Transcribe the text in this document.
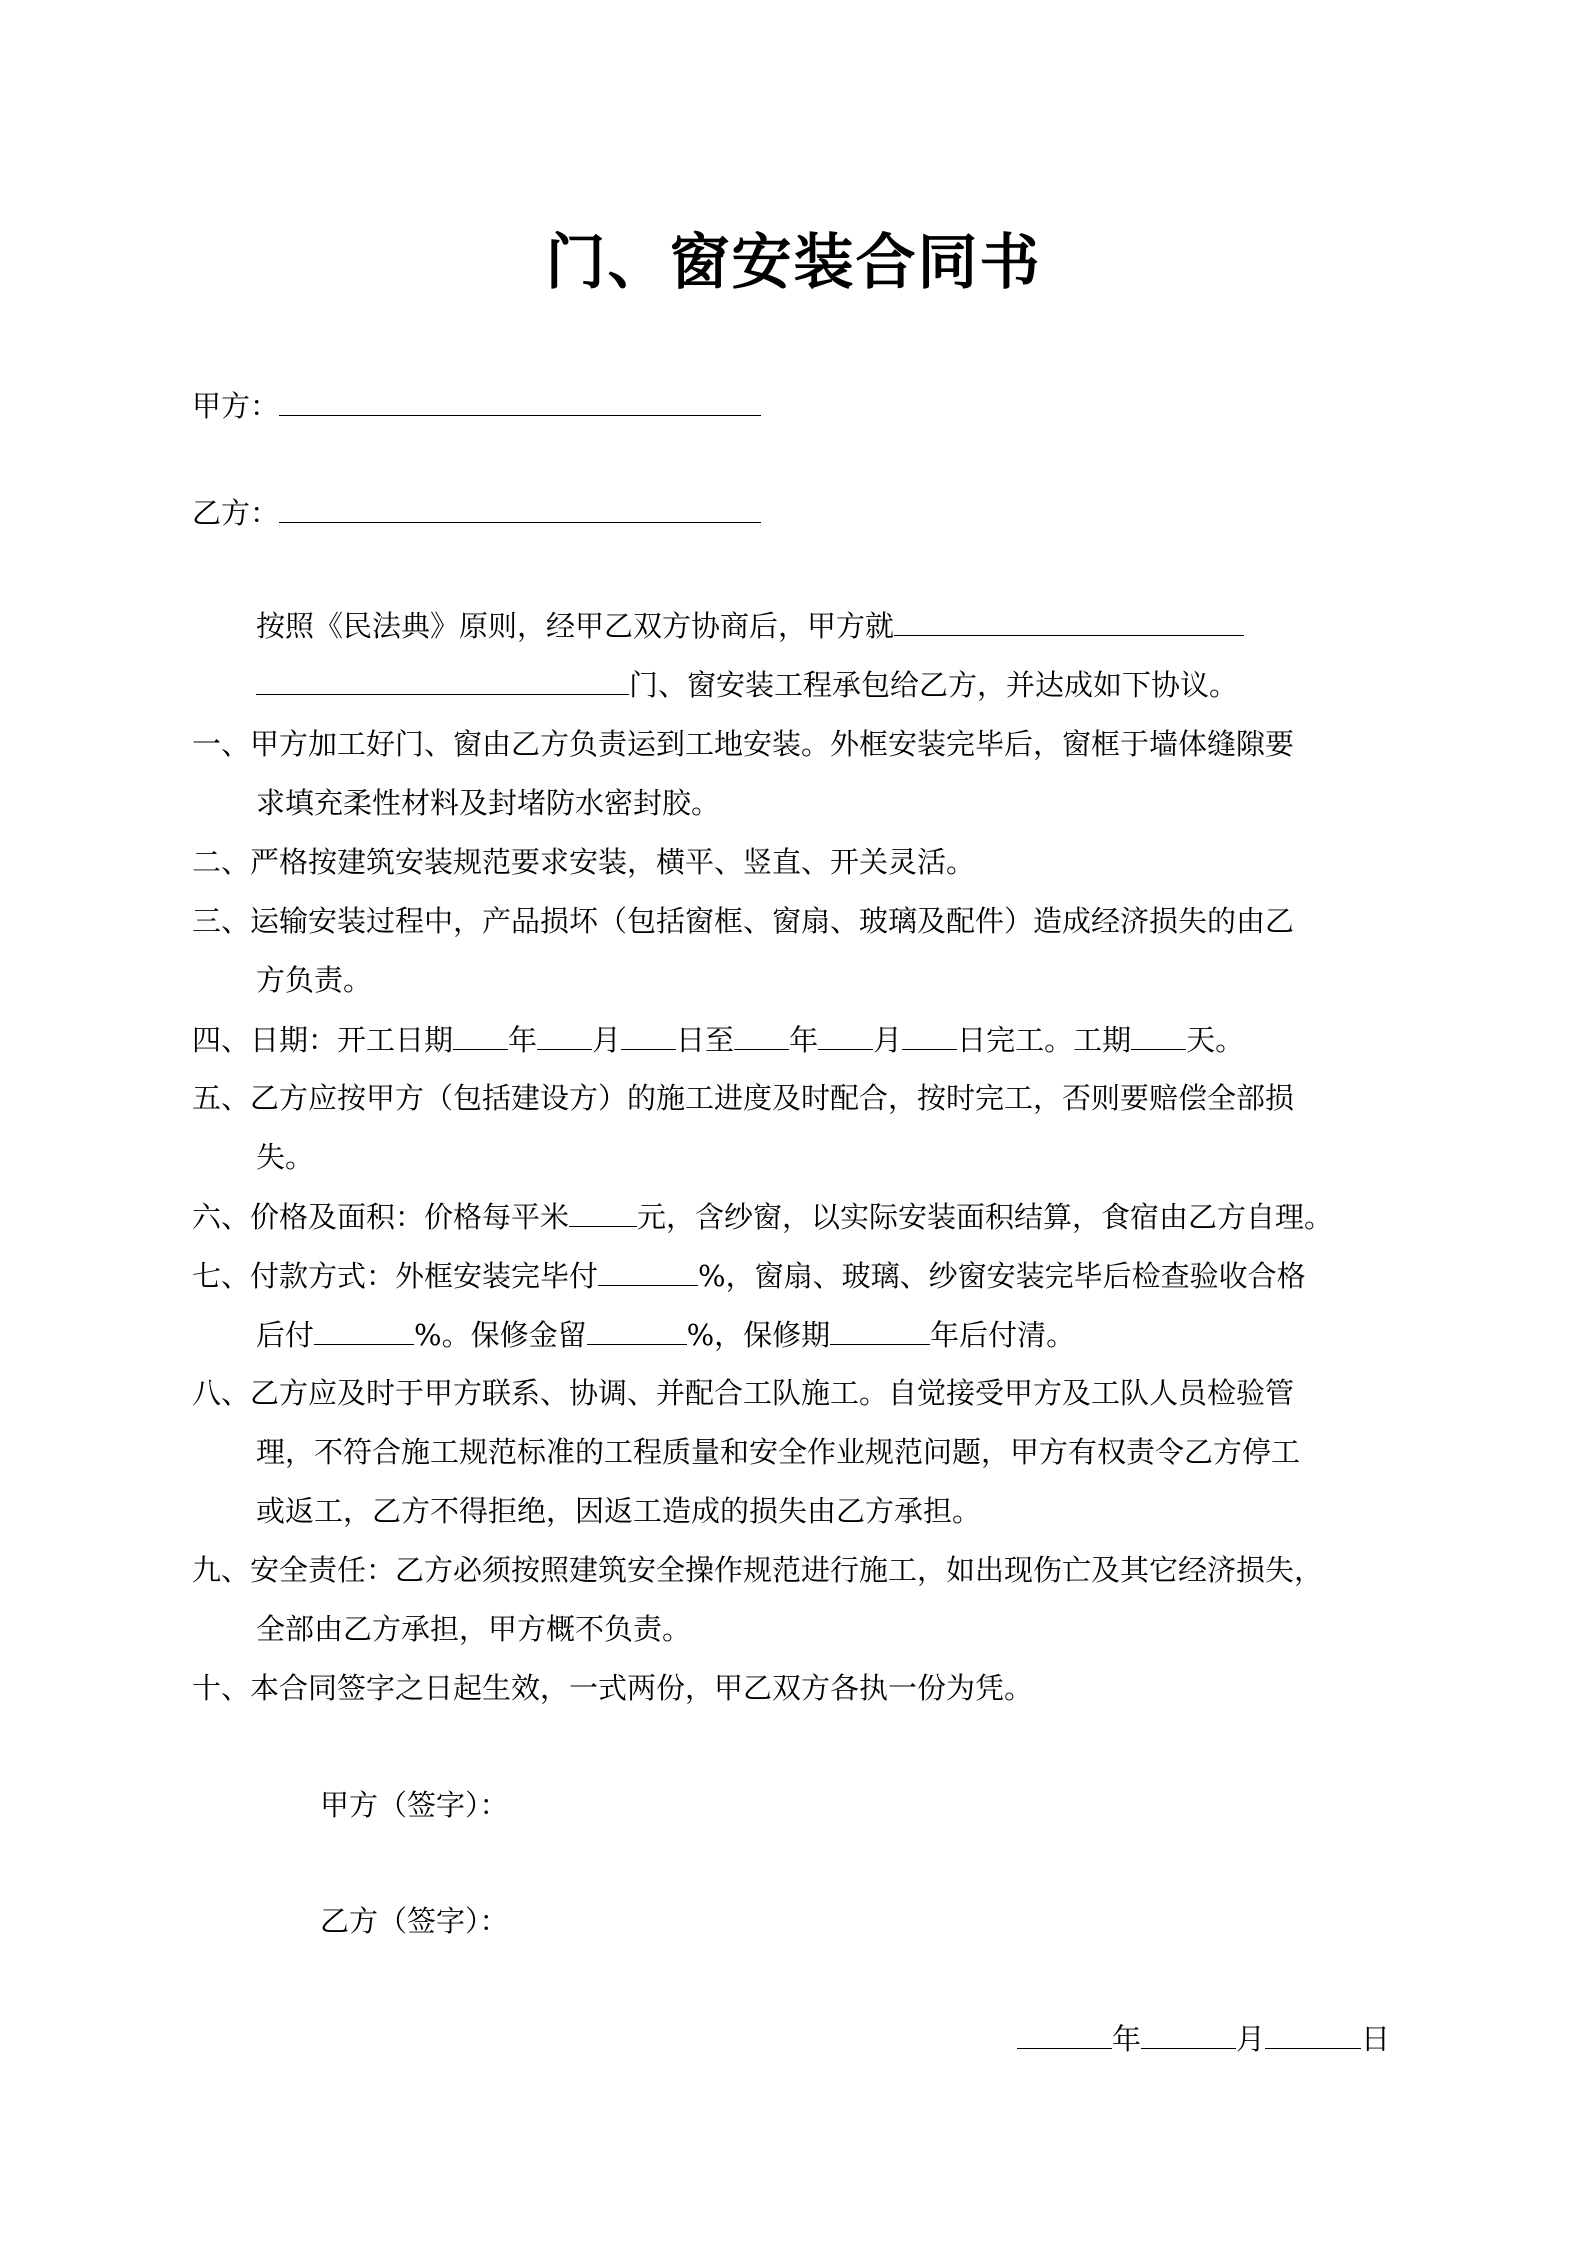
门、窗安装合同书
甲方：
乙方：
按照《民法典》原则，经甲乙双方协商后，甲方就
门、窗安装工程承包给乙方，并达成如下协议。
一、甲方加工好门、窗由乙方负责运到工地安装。外框安装完毕后，窗框于墙体缝隙要
求填充柔性材料及封堵防水密封胶。
二、严格按建筑安装规范要求安装，横平、竖直、开关灵活。
三、运输安装过程中，产品损坏（包括窗框、窗扇、玻璃及配件）造成经济损失的由乙
方负责。
四、日期：开工日期 年 月 日至 年 月 日完工。工期 天。
五、乙方应按甲方（包括建设方）的施工进度及时配合，按时完工，否则要赔偿全部损
失。
六、价格及面积：价格每平米 元，含纱窗，以实际安装面积结算，食宿由乙方自理。
七、付款方式：外框安装完毕付	%，窗扇、玻璃、纱窗安装完毕后检查验收合格
后付	%。保修金留	%，保修期	年后付清。
八、乙方应及时于甲方联系、协调、并配合工队施工。自觉接受甲方及工队人员检验管
理，不符合施工规范标准的工程质量和安全作业规范问题，甲方有权责令乙方停工
或返工，乙方不得拒绝，因返工造成的损失由乙方承担。
九、安全责任：乙方必须按照建筑安全操作规范进行施工，如出现伤亡及其它经济损失，
全部由乙方承担，甲方概不负责。
十、本合同签字之日起生效，一式两份，甲乙双方各执一份为凭。
甲方（签字）：
乙方（签字）：
年	月	日
